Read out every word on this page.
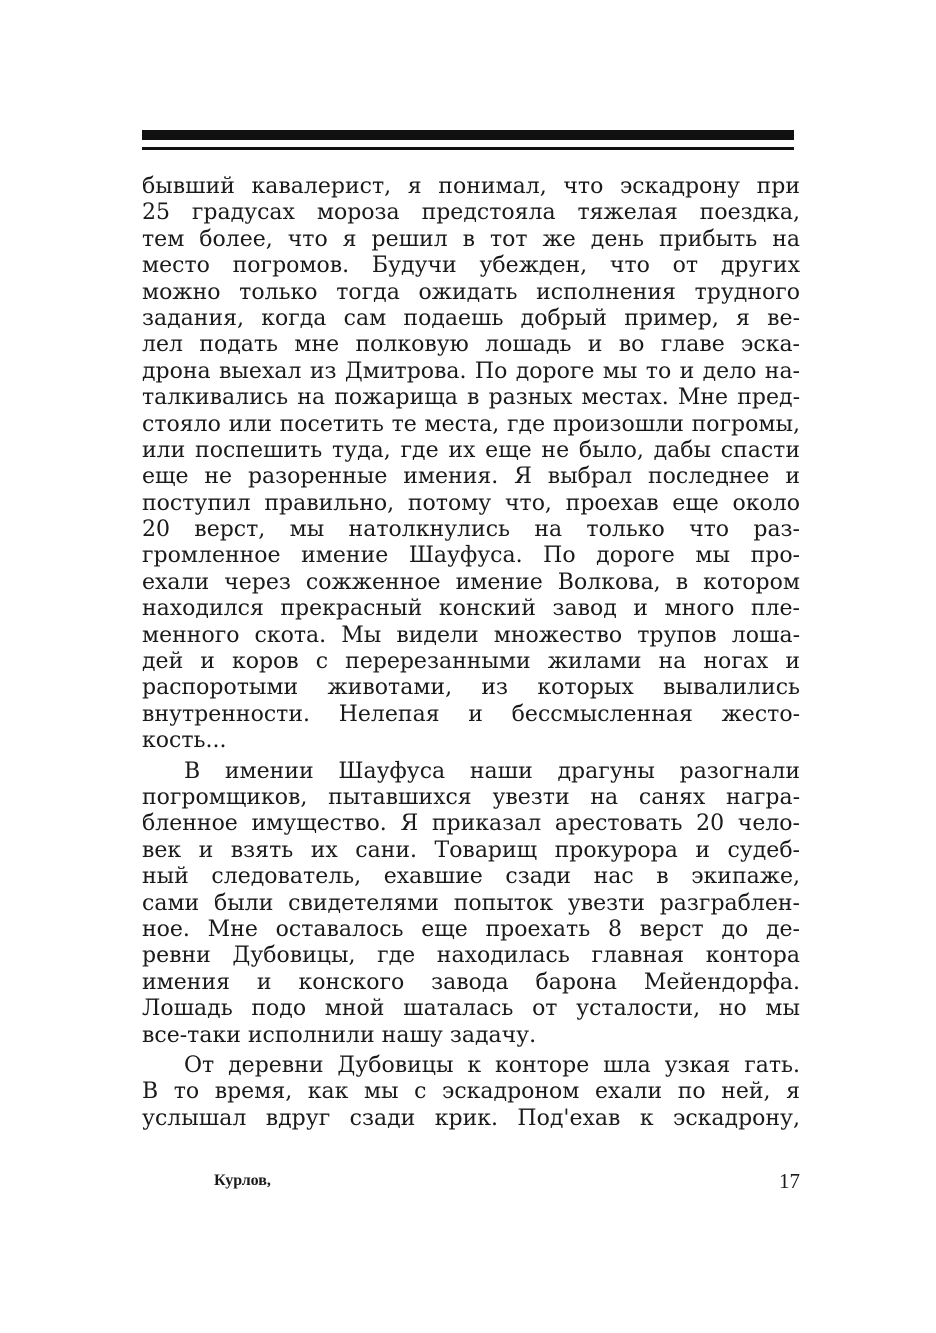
бывший кавалерист, я понимал, что эскадрону при
25 градусах мороза предстояла тяжелая поездка,
тем более, что я решил в тот же день прибыть на
место погромов. Будучи убежден, что от других
можно только тогда ожидать исполнения трудного
задания, когда сам подаешь добрый пример, я ве-
лел подать мне полковую лошадь и во главе эска-
дрона выехал из Дмитрова. По дороге мы то и дело на-
талкивались на пожарища в разных местах. Мне пред-
стояло или посетить те места, где произошли погромы,
или поспешить туда, где их еще не было, дабы спасти
еще не разоренные имения. Я выбрал последнее и
поступил правильно, потому что, проехав еще около
20 верст, мы натолкнулись на только что раз-
громленное имение Шауфуса. По дороге мы про-
ехали через сожженное имение Волкова, в котором
находился прекрасный конский завод и много пле-
менного скота. Мы видели множество трупов лоша-
дей и коров с перерезанными жилами на ногах и
распоротыми животами, из которых вывалились
внутренности. Нелепая и бессмысленная жесто-
кость...
В имении Шауфуса наши драгуны разогнали
погромщиков, пытавшихся увезти на санях награ-
бленное имущество. Я приказал арестовать 20 чело-
век и взять их сани. Товарищ прокурора и судеб-
ный следователь, ехавшие сзади нас в экипаже,
сами были свидетелями попыток увезти разграблен-
ное. Мне оставалось еще проехать 8 верст до де-
ревни Дубовицы, где находилась главная контора
имения и конского завода барона Мейендорфа.
Лошадь подо мной шаталась от усталости, но мы
все-таки исполнили нашу задачу.
От деревни Дубовицы к конторе шла узкая гать.
В то время, как мы с эскадроном ехали по ней, я
услышал вдруг сзади крик. Под'ехав к эскадрону,
Курлов,	17
